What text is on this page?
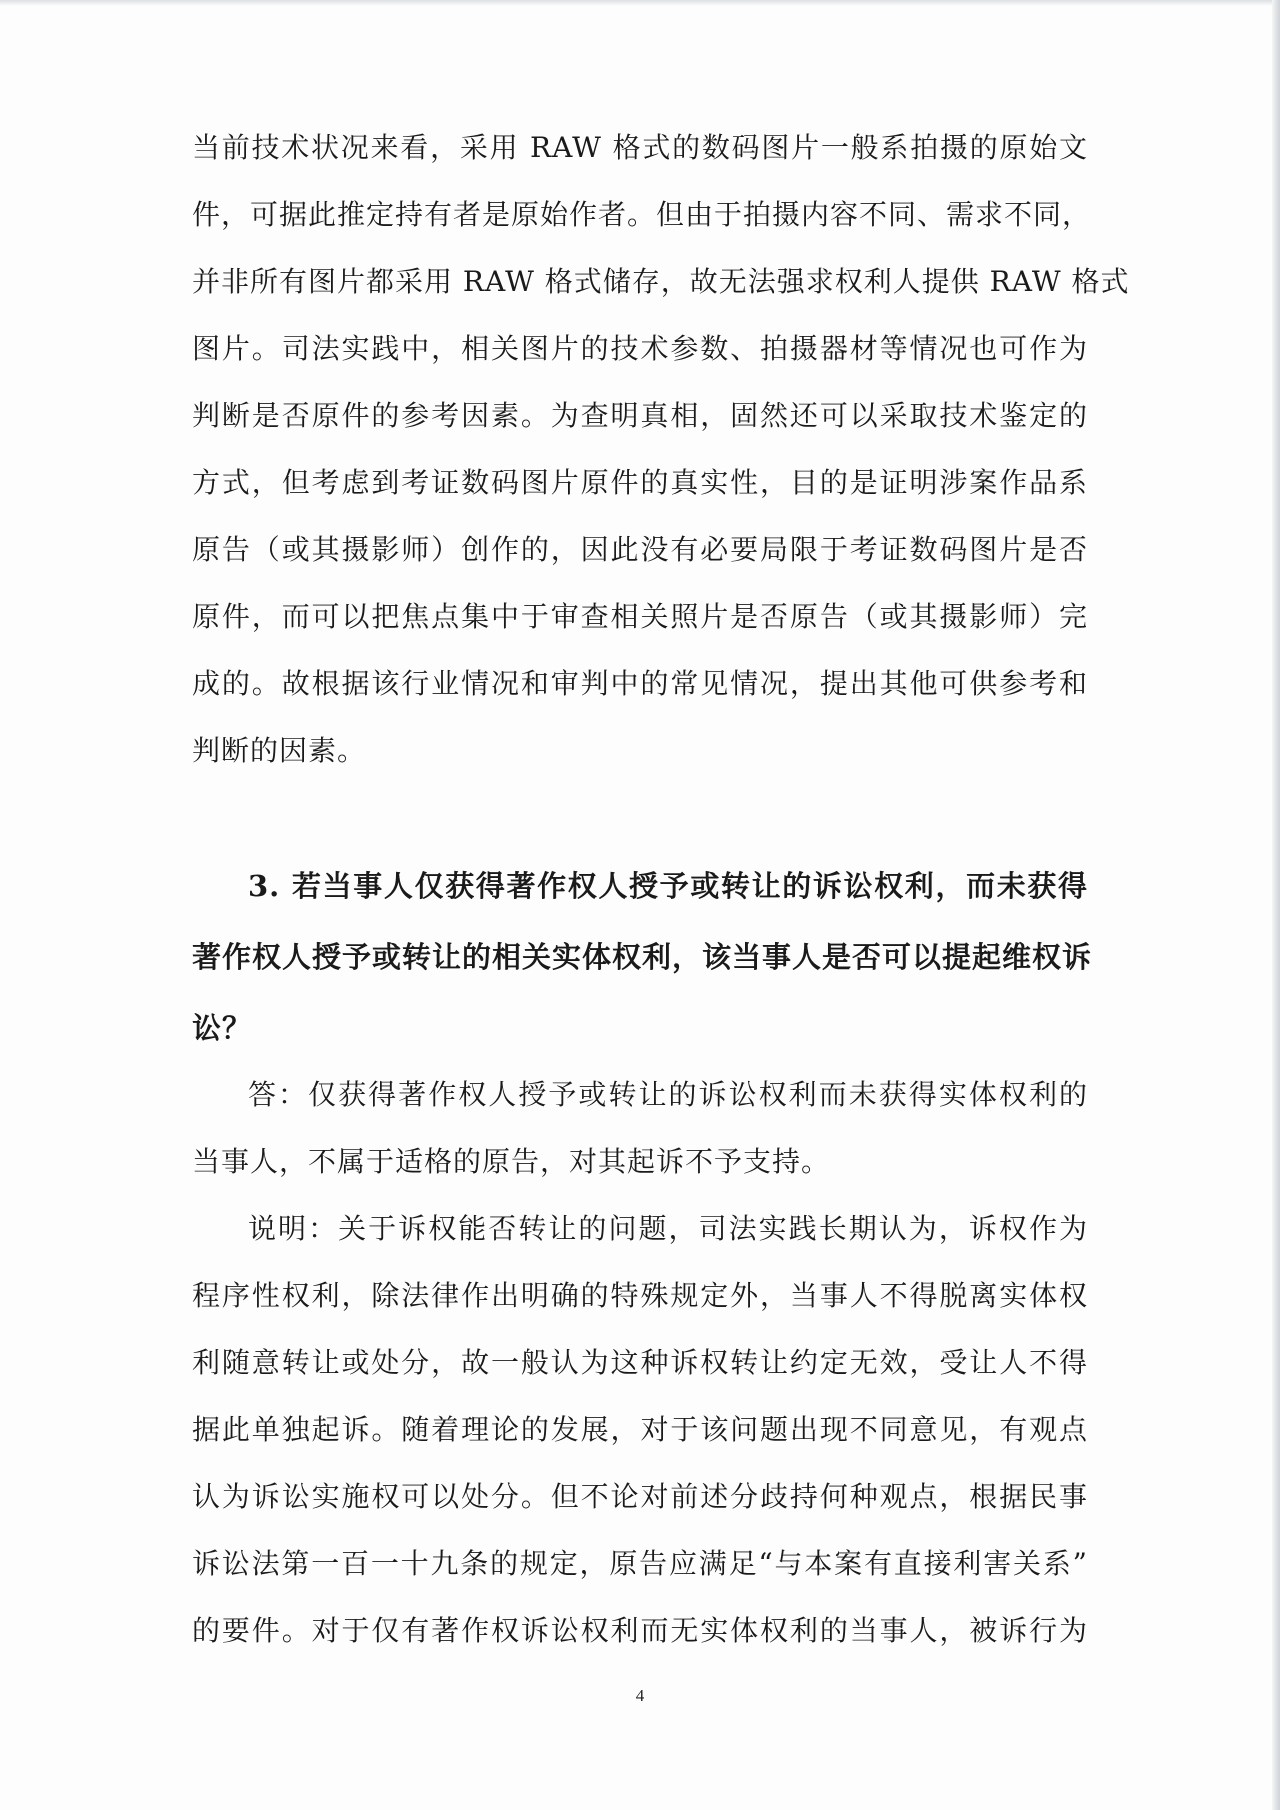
当前技术状况来看，采用 RAW 格式的数码图片一般系拍摄的原始文
件，可据此推定持有者是原始作者。但由于拍摄内容不同、需求不同，
并非所有图片都采用 RAW 格式储存，故无法强求权利人提供 RAW 格式
图片。司法实践中，相关图片的技术参数、拍摄器材等情况也可作为
判断是否原件的参考因素。为查明真相，固然还可以采取技术鉴定的
方式，但考虑到考证数码图片原件的真实性，目的是证明涉案作品系
原告（或其摄影师）创作的，因此没有必要局限于考证数码图片是否
原件，而可以把焦点集中于审查相关照片是否原告（或其摄影师）完
成的。故根据该行业情况和审判中的常见情况，提出其他可供参考和
判断的因素。
3. 若当事人仅获得著作权人授予或转让的诉讼权利，而未获得
著作权人授予或转让的相关实体权利，该当事人是否可以提起维权诉
讼？
答：仅获得著作权人授予或转让的诉讼权利而未获得实体权利的
当事人，不属于适格的原告，对其起诉不予支持。
说明：关于诉权能否转让的问题，司法实践长期认为，诉权作为
程序性权利，除法律作出明确的特殊规定外，当事人不得脱离实体权
利随意转让或处分，故一般认为这种诉权转让约定无效，受让人不得
据此单独起诉。随着理论的发展，对于该问题出现不同意见，有观点
认为诉讼实施权可以处分。但不论对前述分歧持何种观点，根据民事
诉讼法第一百一十九条的规定，原告应满足“与本案有直接利害关系”
的要件。对于仅有著作权诉讼权利而无实体权利的当事人，被诉行为
4
